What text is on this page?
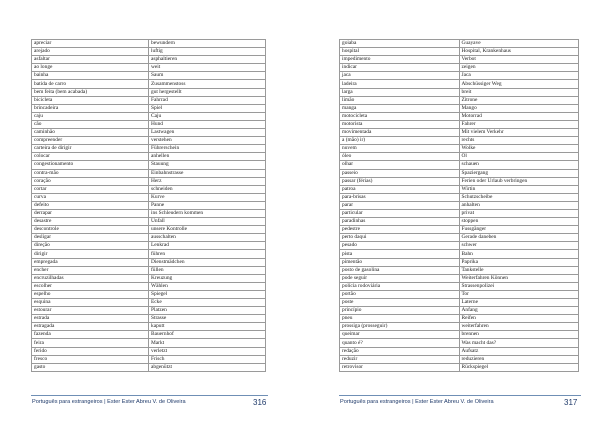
apreciar	bewundern
arejado	luftig
asfaltar	asphaltieren
ao longe	weit
bainha	Saum
batida de carro	Zusammenstoss
bem feita (bem acabada)	gut hergestellt
bicicleta	Fahrrad
brincadeira	Spiel
caju	Caju
cão	Hund
caminhão	Lastwagen
compreender	verstehen
carteira de dirigir	Führerschein
colocar	anhellen
congestionamento	Stauung
contra-mão	Einbahnstrasse
coração	Herz
cortar	schneiden
curva	Kurve
defeito	Panne
derrapar	ins Schleudern kommen
desastre	Unfall
descontrole	unsere Kontrolle
desligar	ausschalten
direção	Lenkrad
dirigir	führen
empregada	Dienstmädchen
encher	füllen
encruzilhadas	Kreuzung
escolher	Wählen
espelho	Spiegel
esquina	Ecke
estourar	Platzen
estrada	Strasse
estragada	kaputt
fazenda	Bauernhof
feira	Markt
ferido	verletzt
fresco	Frisch
gasto	abgenützt
Português para estrangeiros | Ester Ester Abreu V. de Oliveira	316
goiaba	Guayave
hospital	Hospital, Krankenhaus
impedimento	Verbot
indicar	zeigen
jaca	Jaca
ladeira	Abschüssiger Weg
larga	breit
limão	Zitrone
manga	Mango
motocicleta	Motorrad
motorista	Fahrer
movimentada	Mit vielem Verkehr
a (mão) ir)	rechts
nuvem	Wolke
óleo	Öl
olhar	schauen
passeio	Spaziergang
passar (férias)	Ferien oder Urlaub verbringen
patroa	Wirtin
para-brisas	Schutzscheibe
parar	anhalten
particular	privat
paradinhas	stoppen
pedestre	Fussgänger
perto daqui	Gerade daneben
pesado	schwer
pista	Bahn
pimentão	Paprika
posto de gasolina	Tankstelle
pode seguir	Weiterfahren Können
polícia rodoviária	Strassenpolizei
portão	Tor
poste	Laterne
princípio	Anfang
pneu	Reifen
prossiga (prosseguir)	weiterfahren
queimar	brennen
quanto é?	Was macht das?
redação	Aufsatz
reduzir	reduzieren
retrovisor	Rückspiegel
Português para estrangeiros | Ester Ester Abreu V. de Oliveira	317
